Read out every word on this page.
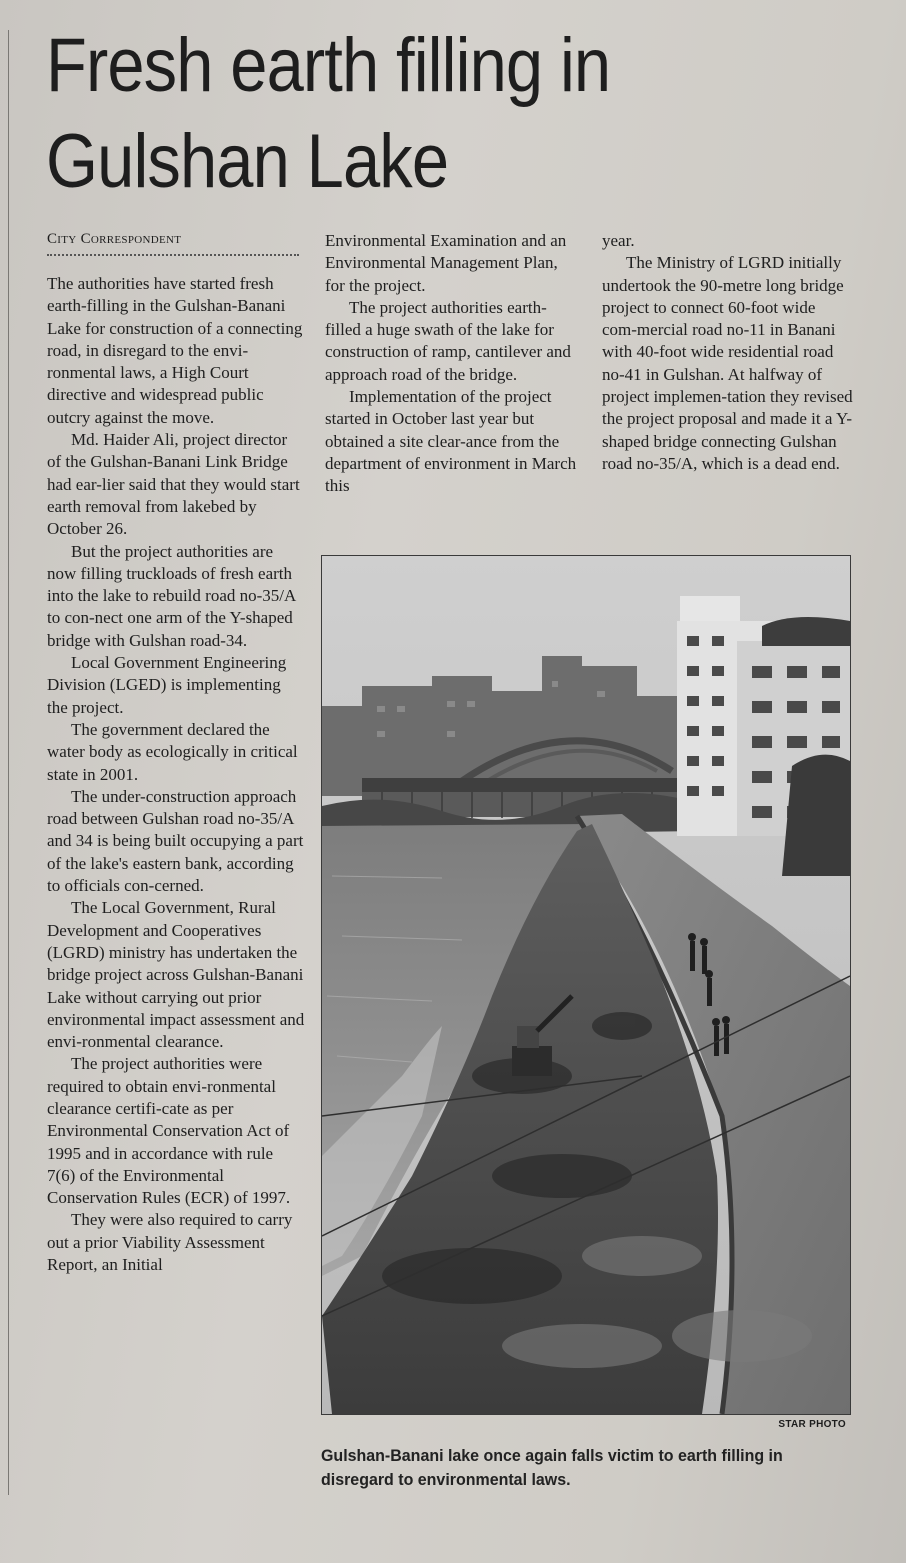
Fresh earth filling in Gulshan Lake
City Correspondent

The authorities have started fresh earth-filling in the Gulshan-Banani Lake for construction of a connecting road, in disregard to the envi-ronmental laws, a High Court directive and widespread public outcry against the move.

Md. Haider Ali, project director of the Gulshan-Banani Link Bridge had ear-lier said that they would start earth removal from lakebed by October 26.

But the project authorities are now filling truckloads of fresh earth into the lake to rebuild road no-35/A to con-nect one arm of the Y-shaped bridge with Gulshan road-34.

Local Government Engineering Division (LGED) is implementing the project.

The government declared the water body as ecologically in critical state in 2001.

The under-construction approach road between Gulshan road no-35/A and 34 is being built occupying a part of the lake's eastern bank, according to officials con-cerned.

The Local Government, Rural Development and Cooperatives (LGRD) ministry has undertaken the bridge project across Gulshan-Banani Lake without carrying out prior environmental impact assessment and envi-ronmental clearance.

The project authorities were required to obtain envi-ronmental clearance certifi-cate as per Environmental Conservation Act of 1995 and in accordance with rule 7(6) of the Environmental Conservation Rules (ECR) of 1997.

They were also required to carry out a prior Viability Assessment Report, an Initial

Environmental Examination and an Environmental Management Plan, for the project.

The project authorities earth-filled a huge swath of the lake for construction of ramp, cantilever and approach road of the bridge.

Implementation of the project started in October last year but obtained a site clear-ance from the department of environment in March this

year.

The Ministry of LGRD initially undertook the 90-metre long bridge project to connect 60-foot wide com-mercial road no-11 in Banani with 40-foot wide residential road no-41 in Gulshan. At halfway of project implemen-tation they revised the project proposal and made it a Y-shaped bridge connecting Gulshan road no-35/A, which is a dead end.

STAR PHOTO
Gulshan-Banani lake once again falls victim to earth filling in disregard to environmental laws.
